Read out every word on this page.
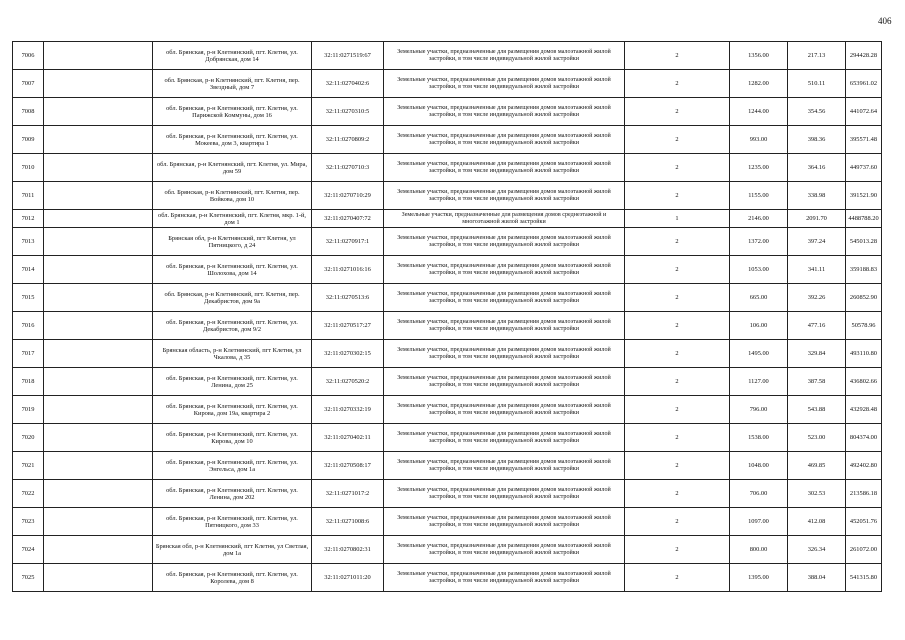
406
7006		обл. Брянская, р-н Клетнянский, пгт. Клетня, ул. Добрянская, дом 14	32:11:0271519:67	Земельные участки, предназначенные для размещения домов малоэтажной жилой застройки, в том числе индивидуальной жилой застройки	2	1356.00	217.13	294428.28
7007		обл. Брянская, р-н Клетнянский, пгт. Клетня, пер. Звездный, дом 7	32:11:0270402:6	Земельные участки, предназначенные для размещения домов малоэтажной жилой застройки, в том числе индивидуальной жилой застройки	2	1282.00	510.11	653961.02
7008		обл. Брянская, р-н Клетнянский, пгт. Клетня, ул. Парижской Коммуны, дом 16	32:11:0270310:5	Земельные участки, предназначенные для размещения домов малоэтажной жилой застройки, в том числе индивидуальной жилой застройки	2	1244.00	354.56	441072.64
7009		обл. Брянская, р-н Клетнянский, пгт. Клетня, ул. Мокеева, дом 3, квартира 1	32:11:0270809:2	Земельные участки, предназначенные для размещения домов малоэтажной жилой застройки, в том числе индивидуальной жилой застройки	2	993.00	398.36	395571.48
7010		обл. Брянская, р-н Клетнянский, пгт. Клетня, ул. Мира, дом 59	32:11:0270710:3	Земельные участки, предназначенные для размещения домов малоэтажной жилой застройки, в том числе индивидуальной жилой застройки	2	1235.00	364.16	449737.60
7011		обл. Брянская, р-н Клетнянский, пгт. Клетня, пер. Войкова, дом 10	32:11:0270710:29	Земельные участки, предназначенные для размещения домов малоэтажной жилой застройки, в том числе индивидуальной жилой застройки	2	1155.00	338.98	391521.90
7012		обл. Брянская, р-н Клетнянский, пгт. Клетня, мкр. 1-й, дом 1	32:11:0270407:72	Земельные участки, предназначенные для размещения домов среднеэтажной и многоэтажной жилой застройки	1	2146.00	2091.70	4488788.20
7013		Брянская обл, р-н Клетнянский, пгт Клетня, ул Пятницкого, д 24	32:11:0270917:1	Земельные участки, предназначенные для размещения домов малоэтажной жилой застройки, в том числе индивидуальной жилой застройки	2	1372.00	397.24	545013.28
7014		обл. Брянская, р-н Клетнянский, пгт. Клетня, ул. Шолохова, дом 14	32:11:0271016:16	Земельные участки, предназначенные для размещения домов малоэтажной жилой застройки, в том числе индивидуальной жилой застройки	2	1053.00	341.11	359188.83
7015		обл. Брянская, р-н Клетнянский, пгт. Клетня, пер. Декабристов, дом 9а	32:11:0270513:6	Земельные участки, предназначенные для размещения домов малоэтажной жилой застройки, в том числе индивидуальной жилой застройки	2	665.00	392.26	260852.90
7016		обл. Брянская, р-н Клетнянский, пгт. Клетня, ул. Декабристов, дом 9/2	32:11:0270517:27	Земельные участки, предназначенные для размещения домов малоэтажной жилой застройки, в том числе индивидуальной жилой застройки	2	106.00	477.16	50578.96
7017		Брянская область, р-н Клетнянский, пгт Клетня, ул Чкалова, д 35	32:11:0270302:15	Земельные участки, предназначенные для размещения домов малоэтажной жилой застройки, в том числе индивидуальной жилой застройки	2	1495.00	329.84	493110.80
7018		обл. Брянская, р-н Клетнянский, пгт. Клетня, ул. Ленина, дом 25	32:11:0270520:2	Земельные участки, предназначенные для размещения домов малоэтажной жилой застройки, в том числе индивидуальной жилой застройки	2	1127.00	387.58	436802.66
7019		обл. Брянская, р-н Клетнянский, пгт. Клетня, ул. Кирова, дом 19а, квартира 2	32:11:0270332:19	Земельные участки, предназначенные для размещения домов малоэтажной жилой застройки, в том числе индивидуальной жилой застройки	2	796.00	543.88	432928.48
7020		обл. Брянская, р-н Клетнянский, пгт. Клетня, ул. Кирова, дом 10	32:11:0270402:11	Земельные участки, предназначенные для размещения домов малоэтажной жилой застройки, в том числе индивидуальной жилой застройки	2	1538.00	523.00	804374.00
7021		обл. Брянская, р-н Клетнянский, пгт. Клетня, ул. Энгельса, дом 1а	32:11:0270508:17	Земельные участки, предназначенные для размещения домов малоэтажной жилой застройки, в том числе индивидуальной жилой застройки	2	1048.00	469.85	492402.80
7022		обл. Брянская, р-н Клетнянский, пгт. Клетня, ул. Ленина, дом 202	32:11:0271017:2	Земельные участки, предназначенные для размещения домов малоэтажной жилой застройки, в том числе индивидуальной жилой застройки	2	706.00	302.53	213586.18
7023		обл. Брянская, р-н Клетнянский, пгт. Клетня, ул. Пятницкого, дом 33	32:11:0271008:6	Земельные участки, предназначенные для размещения домов малоэтажной жилой застройки, в том числе индивидуальной жилой застройки	2	1097.00	412.08	452051.76
7024		Брянская обл, р-н Клетнянский, пгт Клетня, ул Светлая, дом 1а	32:11:0270802:31	Земельные участки, предназначенные для размещения домов малоэтажной жилой застройки, в том числе индивидуальной жилой застройки	2	800.00	326.34	261072.00
7025		обл. Брянская, р-н Клетнянский, пгт. Клетня, ул. Королева, дом 8	32:11:0271011:20	Земельные участки, предназначенные для размещения домов малоэтажной жилой застройки, в том числе индивидуальной жилой застройки	2	1395.00	388.04	541315.80
